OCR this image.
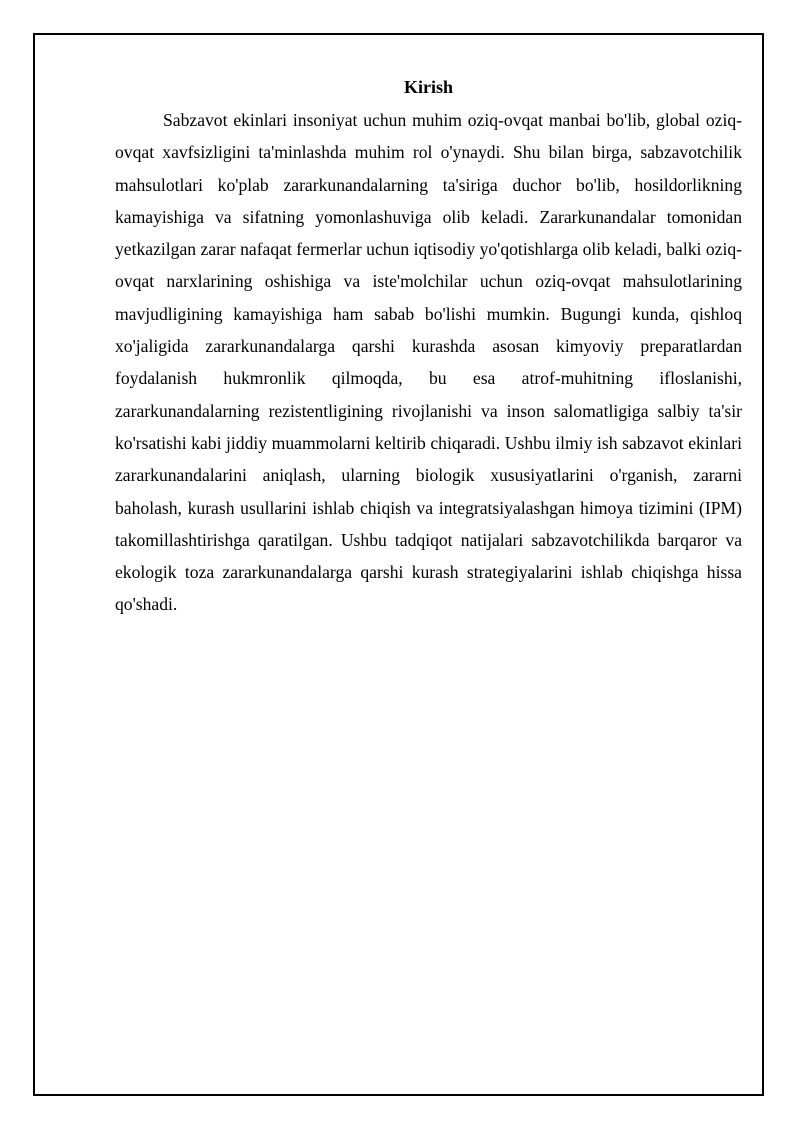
Kirish

Sabzavot ekinlari insoniyat uchun muhim oziq-ovqat manbai bo'lib, global oziq-ovqat xavfsizligini ta'minlashda muhim rol o'ynaydi. Shu bilan birga, sabzavotchilik mahsulotlari ko'plab zararkunandalarning ta'siriga duchor bo'lib, hosildorlikning kamayishiga va sifatning yomonlashuviga olib keladi. Zararkunandalar tomonidan yetkazilgan zarar nafaqat fermerlar uchun iqtisodiy yo'qotishlarga olib keladi, balki oziq-ovqat narxlarining oshishiga va iste'molchilar uchun oziq-ovqat mahsulotlarining mavjudligining kamayishiga ham sabab bo'lishi mumkin. Bugungi kunda, qishloq xo'jaligida zararkunandalarga qarshi kurashda asosan kimyoviy preparatlardan foydalanish hukmronlik qilmoqda, bu esa atrof-muhitning ifloslanishi, zararkunandalarning rezistentligining rivojlanishi va inson salomatligiga salbiy ta'sir ko'rsatishi kabi jiddiy muammolarni keltirib chiqaradi. Ushbu ilmiy ish sabzavot ekinlari zararkunandalarini aniqlash, ularning biologik xususiyatlarini o'rganish, zararni baholash, kurash usullarini ishlab chiqish va integratsiyalashgan himoya tizimini (IPM) takomillashtirishga qaratilgan. Ushbu tadqiqot natijalari sabzavotchilikda barqaror va ekologik toza zararkunandalarga qarshi kurash strategiyalarini ishlab chiqishga hissa qo'shadi.
